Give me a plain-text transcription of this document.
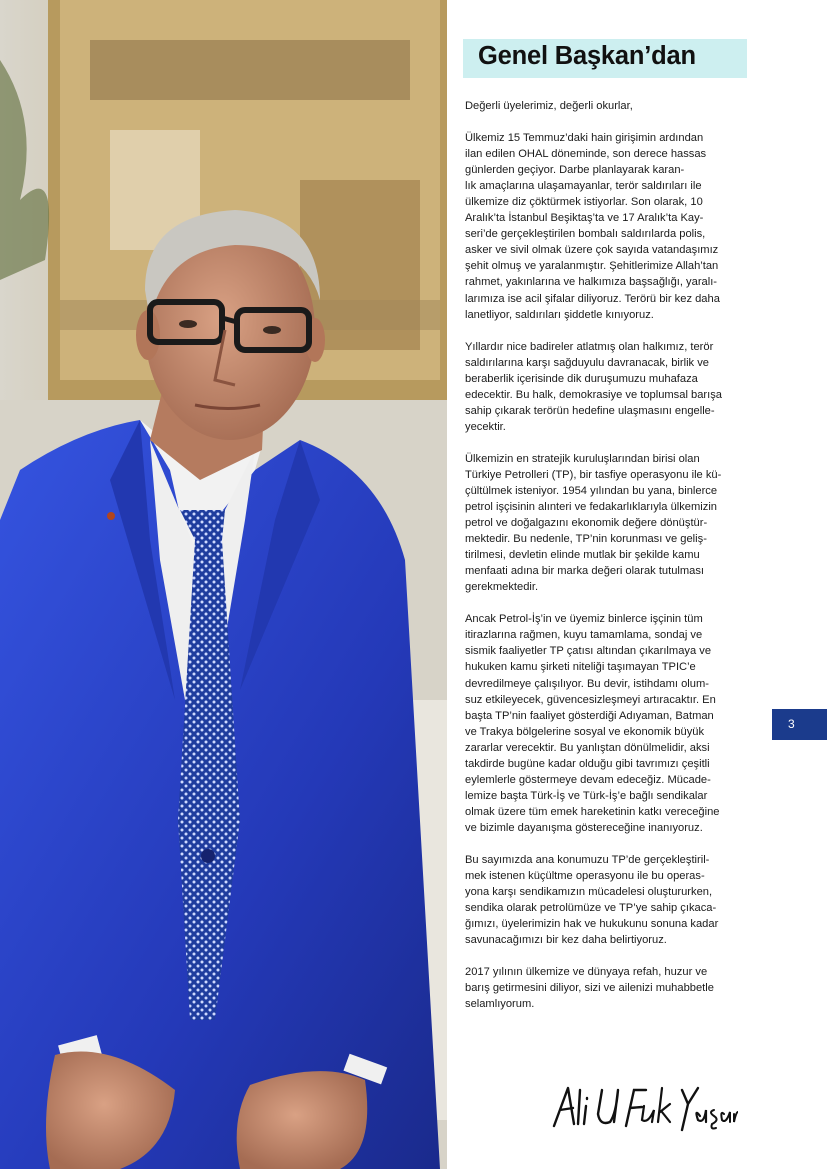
Genel Başkan’dan

Değerli üyelerimiz, değerli okurlar,

Ülkemiz 15 Temmuz’daki hain girişimin ardından
ilan edilen OHAL döneminde, son derece hassas
günlerden geçiyor. Darbe planlayarak karan-
lık amaçlarına ulaşamayanlar, terör saldırıları ile
ülkemize diz çöktürmek istiyorlar. Son olarak, 10
Aralık’ta İstanbul Beşiktaş’ta ve 17 Aralık’ta Kay-
seri’de gerçekleştirilen bombalı saldırılarda polis,
asker ve sivil olmak üzere çok sayıda vatandaşımız
şehit olmuş ve yaralanmıştır. Şehitlerimize Allah’tan
rahmet, yakınlarına ve halkımıza başsağlığı, yaralı-
larımıza ise acil şifalar diliyoruz. Terörü bir kez daha
lanetliyor, saldırıları şiddetle kınıyoruz.

Yıllardır nice badireler atlatmış olan halkımız, terör
saldırılarına karşı sağduyulu davranacak, birlik ve
beraberlik içerisinde dik duruşumuzu muhafaza
edecektir. Bu halk, demokrasiye ve toplumsal barışa
sahip çıkarak terörün hedefine ulaşmasını engelle-
yecektir.

Ülkemizin en stratejik kuruluşlarından birisi olan
Türkiye Petrolleri (TP), bir tasfiye operasyonu ile kü-
çültülmek isteniyor. 1954 yılından bu yana, binlerce
petrol işçisinin alınteri ve fedakarlıklarıyla ülkemizin
petrol ve doğalgazını ekonomik değere dönüştür-
mektedir. Bu nedenle, TP’nin korunması ve geliş-
tirilmesi, devletin elinde mutlak bir şekilde kamu
menfaati adına bir marka değeri olarak tutulması
gerekmektedir.

Ancak Petrol-İş’in ve üyemiz binlerce işçinin tüm
itirazlarına rağmen, kuyu tamamlama, sondaj ve
sismik faaliyetler TP çatısı altından çıkarılmaya ve
hukuken kamu şirketi niteliği taşımayan TPIC’e
devredilmeye çalışılıyor. Bu devir, istihdamı olum-
suz etkileyecek, güvencesizleşmeyi artıracaktır. En
başta TP’nin faaliyet gösterdiği Adıyaman, Batman
ve Trakya bölgelerine sosyal ve ekonomik büyük
zararlar verecektir. Bu yanlıştan dönülmelidir, aksi
takdirde bugüne kadar olduğu gibi tavrımızı çeşitli
eylemlerle göstermeye devam edeceğiz. Mücade-
lemize başta Türk-İş ve Türk-İş’e bağlı sendikalar
olmak üzere tüm emek hareketinin katkı vereceğine
ve bizimle dayanışma göstereceğine inanıyoruz.

Bu sayımızda ana konumuzu TP’de gerçekleştiril-
mek istenen küçültme operasyonu ile bu operas-
yona karşı sendikamızın mücadelesi oluştururken,
sendika olarak petrolümüze ve TP’ye sahip çıkaca-
ğımızı, üyelerimizin hak ve hukukunu sonuna kadar
savunacağımızı bir kez daha belirtiyoruz.

2017 yılının ülkemize ve dünyaya refah, huzur ve
barış getirmesini diliyor, sizi ve ailenizi muhabbetle
selamlıyorum.

3
